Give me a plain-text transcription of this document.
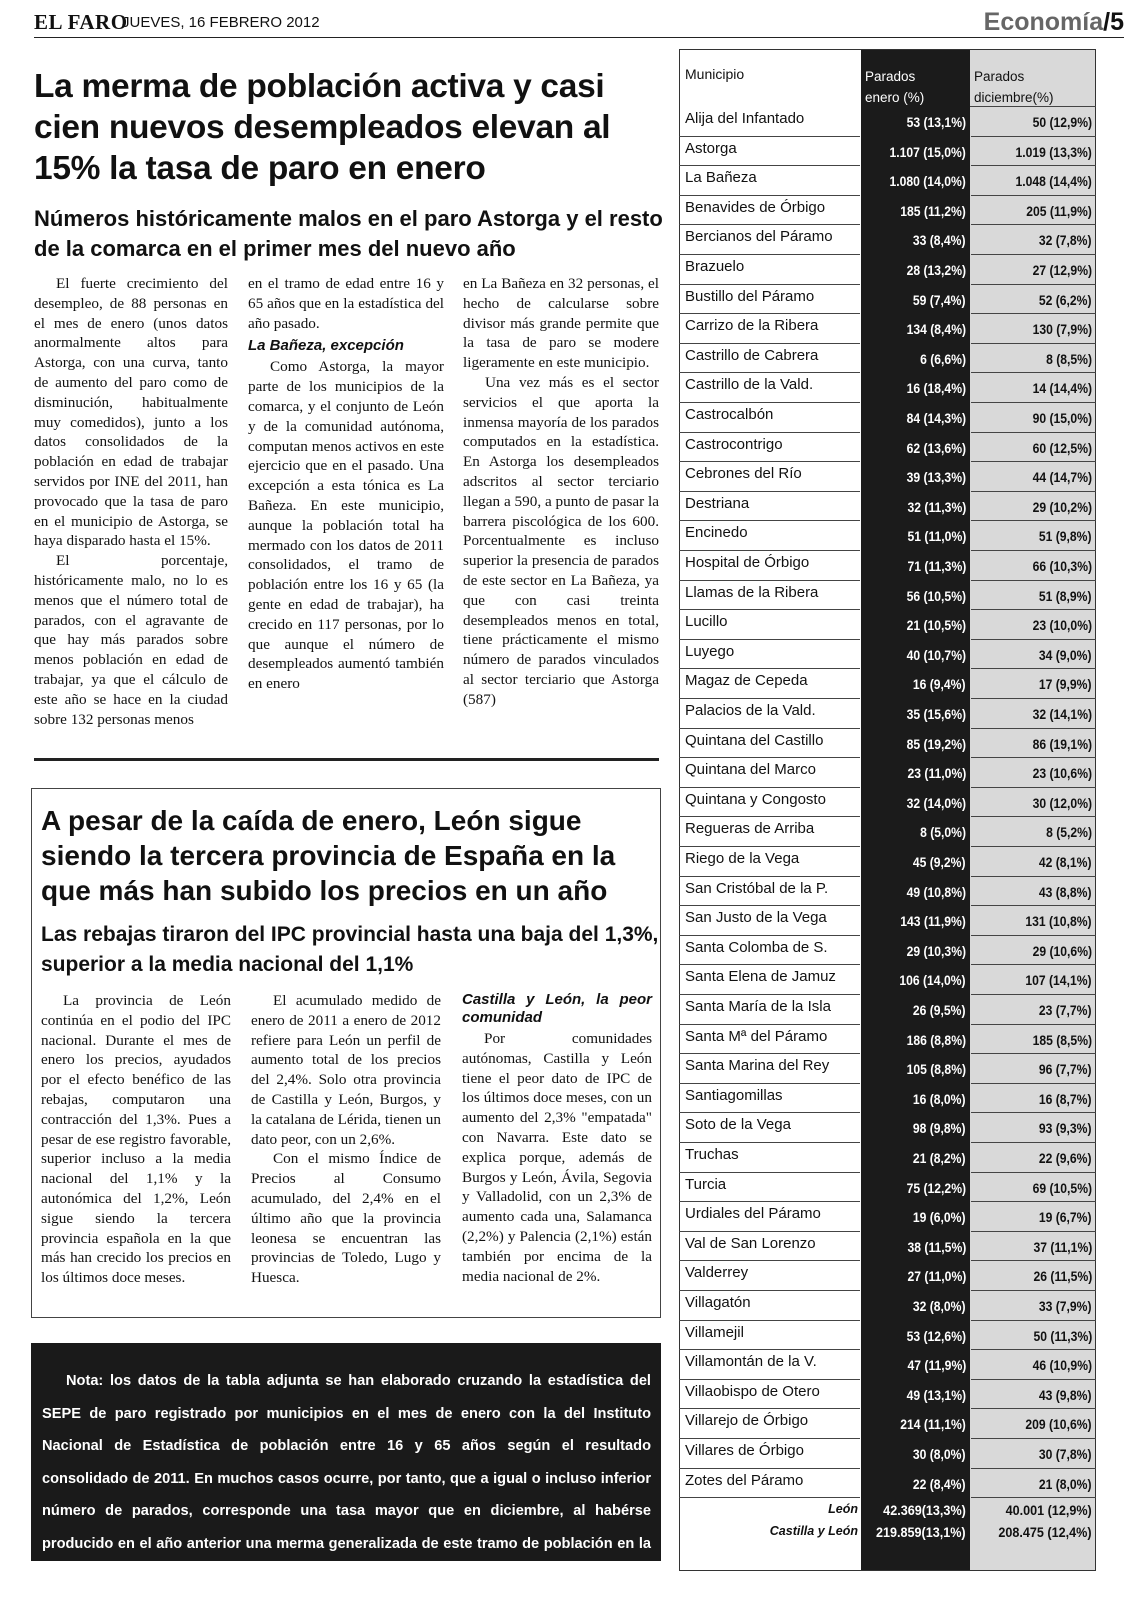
EL FARO
JUEVES, 16 FEBRERO 2012	Economía/5
La merma de población activa y casi cien nuevos desempleados elevan al 15% la tasa de paro en enero
Números históricamente malos en el paro Astorga y el resto de la comarca en el primer mes del nuevo año

El fuerte crecimiento del desempleo, de 88 personas en el mes de enero (unos datos anormalmente altos para Astorga, con una curva, tanto de aumento del paro como de disminución, habitualmente muy comedidos), junto a los datos consolidados de la población en edad de trabajar servidos por INE del 2011, han provocado que la tasa de paro en el municipio de Astorga, se haya disparado hasta el 15%.

El porcentaje, históricamente malo, no lo es menos que el número total de parados, con el agravante de que hay más parados sobre menos población en edad de trabajar, ya que el cálculo de este año se hace en la ciudad sobre 132 personas menos

en el tramo de edad entre 16 y 65 años que en la estadística del año pasado.

La Bañeza, excepción

Como Astorga, la mayor parte de los municipios de la comarca, y el conjunto de León y de la comunidad autónoma, computan menos activos en este ejercicio que en el pasado. Una excepción a esta tónica es La Bañeza. En este municipio, aunque la población total ha mermado con los datos de 2011 consolidados, el tramo de población entre los 16 y 65 (la gente en edad de trabajar), ha crecido en 117 personas, por lo que aunque el número de desempleados aumentó también en enero

en La Bañeza en 32 personas, el hecho de calcularse sobre divisor más grande permite que la tasa de paro se modere ligeramente en este municipio.

Una vez más es el sector servicios el que aporta la inmensa mayoría de los parados computados en la estadística. En Astorga los desempleados adscritos al sector terciario llegan a 590, a punto de pasar la barrera piscológica de los 600. Porcentualmente es incluso superior la presencia de parados de este sector en La Bañeza, ya que con casi treinta desempleados menos en total, tiene prácticamente el mismo número de parados vinculados al sector terciario que Astorga (587)

A pesar de la caída de enero, León sigue siendo la tercera provincia de España en la que más han subido los precios en un año
Las rebajas tiraron del IPC provincial hasta una baja del 1,3%, superior a la media nacional del 1,1%

La provincia de León continúa en el podio del IPC nacional. Durante el mes de enero los precios, ayudados por el efecto benéfico de las rebajas, computaron una contracción del 1,3%. Pues a pesar de ese registro favorable, superior incluso a la media nacional del 1,1% y la autonómica del 1,2%, León sigue siendo la tercera provincia española en la que más han crecido los precios en los últimos doce meses.

El acumulado medido de enero de 2011 a enero de 2012 refiere para León un perfil de aumento total de los precios del 2,4%. Solo otra provincia de Castilla y León, Burgos, y la catalana de Lérida, tienen un dato peor, con un 2,6%.

Con el mismo Índice de Precios al Consumo acumulado, del 2,4% en el último año que la provincia leonesa se encuentran las provincias de Toledo, Lugo y Huesca.

Castilla y León, la peor comunidad

Por comunidades autónomas, Castilla y León tiene el peor dato de IPC de los últimos doce meses, con un aumento del 2,3% "empatada" con Navarra. Este dato se explica porque, además de Burgos y León, Ávila, Segovia y Valladolid, con un 2,3% de aumento cada una, Salamanca (2,2%) y Palencia (2,1%) están también por encima de la media nacional de 2%.

Nota: los datos de la tabla adjunta se han elaborado cruzando la estadística del SEPE de paro registrado por municipios en el mes de enero con la del Instituto Nacional de Estadística de población entre 16 y 65 años según el resultado consolidado de 2011. En muchos casos ocurre, por tanto, que a igual o incluso inferior número de parados, corresponde una tasa mayor que en diciembre, al habérse producido en el año anterior una merma generalizada de este tramo de población en la práctica totalidad de los municipios de la comarca
Municipio	Parados
enero (%)
Parados
diciembre(%)
Alija del Infantado	53 (13,1%)	50 (12,9%)
Astorga	1.107 (15,0%)	1.019 (13,3%)
La Bañeza	1.080 (14,0%)	1.048 (14,4%)
Benavides de Órbigo	185 (11,2%)	205 (11,9%)
Bercianos del Páramo	33 (8,4%)	32 (7,8%)
Brazuelo	28 (13,2%)	27 (12,9%)
Bustillo del Páramo	59 (7,4%)	52 (6,2%)
Carrizo de la Ribera	134 (8,4%)	130 (7,9%)
Castrillo de Cabrera	6 (6,6%)	8 (8,5%)
Castrillo de la Vald.	16 (18,4%)	14 (14,4%)
Castrocalbón	84 (14,3%)	90 (15,0%)
Castrocontrigo	62 (13,6%)	60 (12,5%)
Cebrones del Río	39 (13,3%)	44 (14,7%)
Destriana	32 (11,3%)	29 (10,2%)
Encinedo	51 (11,0%)	51 (9,8%)
Hospital de Órbigo	71 (11,3%)	66 (10,3%)
Llamas de la Ribera	56 (10,5%)	51 (8,9%)
Lucillo	21 (10,5%)	23 (10,0%)
Luyego	40 (10,7%)	34 (9,0%)
Magaz de Cepeda	16 (9,4%)	17 (9,9%)
Palacios de la Vald.	35 (15,6%)	32 (14,1%)
Quintana del Castillo	85 (19,2%)	86 (19,1%)
Quintana del Marco	23 (11,0%)	23 (10,6%)
Quintana y Congosto	32 (14,0%)	30 (12,0%)
Regueras de Arriba	8 (5,0%)	8 (5,2%)
Riego de la Vega	45 (9,2%)	42 (8,1%)
San Cristóbal de la P.	49 (10,8%)	43 (8,8%)
San Justo de la Vega	143 (11,9%)	131 (10,8%)
Santa Colomba de S.	29 (10,3%)	29 (10,6%)
Santa Elena de Jamuz	106 (14,0%)	107 (14,1%)
Santa María de la Isla	26 (9,5%)	23 (7,7%)
Santa Mª del Páramo	186 (8,8%)	185 (8,5%)
Santa Marina del Rey	105 (8,8%)	96 (7,7%)
Santiagomillas	16 (8,0%)	16 (8,7%)
Soto de la Vega	98 (9,8%)	93 (9,3%)
Truchas	21 (8,2%)	22 (9,6%)
Turcia	75 (12,2%)	69 (10,5%)
Urdiales del Páramo	19 (6,0%)	19 (6,7%)
Val de San Lorenzo	38 (11,5%)	37 (11,1%)
Valderrey	27 (11,0%)	26 (11,5%)
Villagatón	32 (8,0%)	33 (7,9%)
Villamejil	53 (12,6%)	50 (11,3%)
Villamontán de la V.	47 (11,9%)	46 (10,9%)
Villaobispo de Otero	49 (13,1%)	43 (9,8%)
Villarejo de Órbigo	214 (11,1%)	209 (10,6%)
Villares de Órbigo	30 (8,0%)	30 (7,8%)
Zotes del Páramo	22 (8,4%)	21 (8,0%)
León 42.369(13,3%)	40.001 (12,9%)
Castilla y León 219.859(13,1%) 208.475 (12,4%)
